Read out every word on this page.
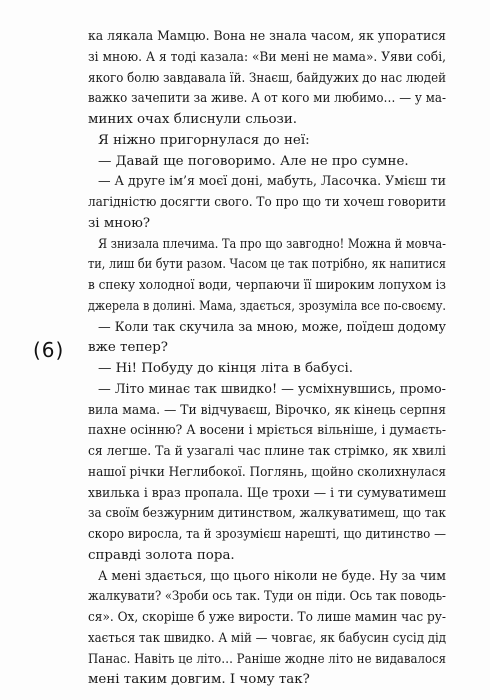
(6)
ка лякала Мамцю. Вона не знала часом, як упоратися
зі мною. А я тоді казала: «Ви мені не мама». Уяви собі,
якого болю завдавала їй. Знаєш, байдужих до нас людей
важко зачепити за живе. А от кого ми любимо… — у ма-
миних очах блиснули сльози.
Я ніжно пригорнулася до неї:
— Давай ще поговоримо. Але не про сумне.
— А друге ім’я моєї доні, мабуть, Ласочка. Умієш ти
лагідністю досягти свого. То про що ти хочеш говорити
зі мною?
Я знизала плечима. Та про що завгодно! Можна й мовча-
ти, лиш би бути разом. Часом це так потрібно, як напитися
в спеку холодної води, черпаючи її широким лопухом із
джерела в долині. Мама, здається, зрозуміла все по-своєму.
— Коли так скучила за мною, може, поїдеш додому
вже тепер?
— Ні! Побуду до кінця літа в бабусі.
— Літо минає так швидко! — усміхнувшись, промо-
вила мама. — Ти відчуваєш, Вірочко, як кінець серпня
пахне осінню? А восени і мріється вільніше, і думаєть-
ся легше. Та й узагалі час плине так стрімко, як хвилі
нашої річки Неглибокої. Поглянь, щойно сколихнулася
хвилька і враз пропала. Ще трохи — і ти сумуватимеш
за своїм безжурним дитинством, жалкуватимеш, що так
скоро виросла, та й зрозумієш нарешті, що дитинство —
справді золота пора.
А мені здається, що цього ніколи не буде. Ну за чим
жалкувати? «Зроби ось так. Туди он піди. Ось так поводь-
ся». Ох, скоріше б уже вирости. То лише мамин час ру-
хається так швидко. А мій — човгає, як бабусин сусід дід
Панас. Навіть це літо… Раніше жодне літо не видавалося
мені таким довгим. І чому так?
